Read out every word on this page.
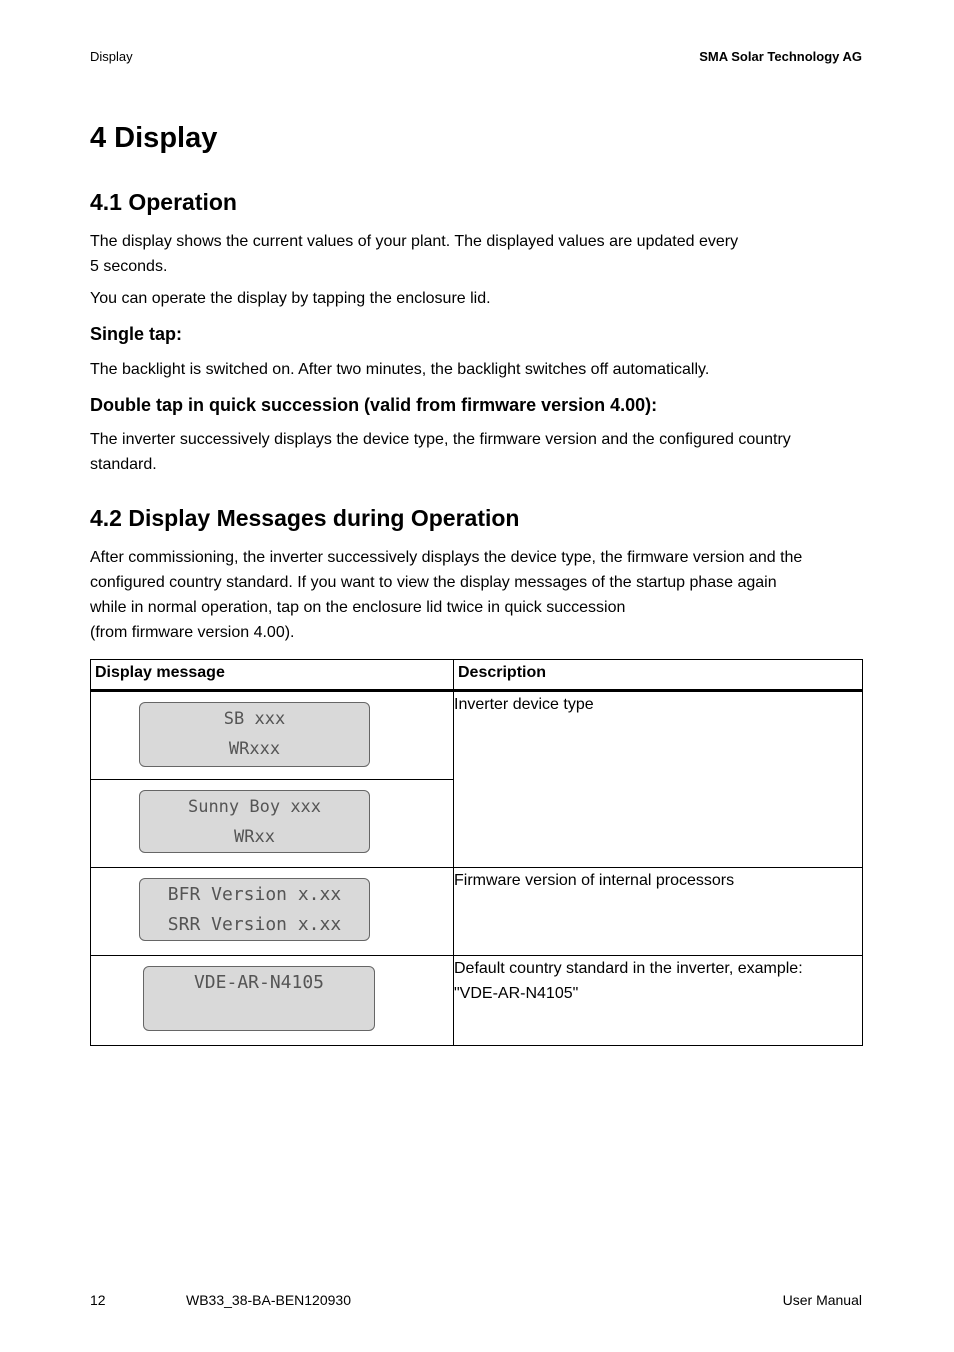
Display	SMA Solar Technology AG
4 Display
4.1 Operation

The display shows the current values of your plant. The displayed values are updated every
5 seconds.

You can operate the display by tapping the enclosure lid.

Single tap:

The backlight is switched on. After two minutes, the backlight switches off automatically.

Double tap in quick succession (valid from firmware version 4.00):

The inverter successively displays the device type, the firmware version and the configured country
standard.

4.2 Display Messages during Operation

After commissioning, the inverter successively displays the device type, the firmware version and the
configured country standard. If you want to view the display messages of the startup phase again
while in normal operation, tap on the enclosure lid twice in quick succession
(from firmware version 4.00).

Display message	Description

SB xxx
WRxxx	Inverter device type

Sunny Boy xxx
WRxx	

BFR Version x.xx
SRR Version x.xx	Firmware version of internal processors

VDE-AR-N4105	Default country standard in the inverter, example:
"VDE-AR-N4105"
12	WB33_38-BA-BEN120930	User Manual
